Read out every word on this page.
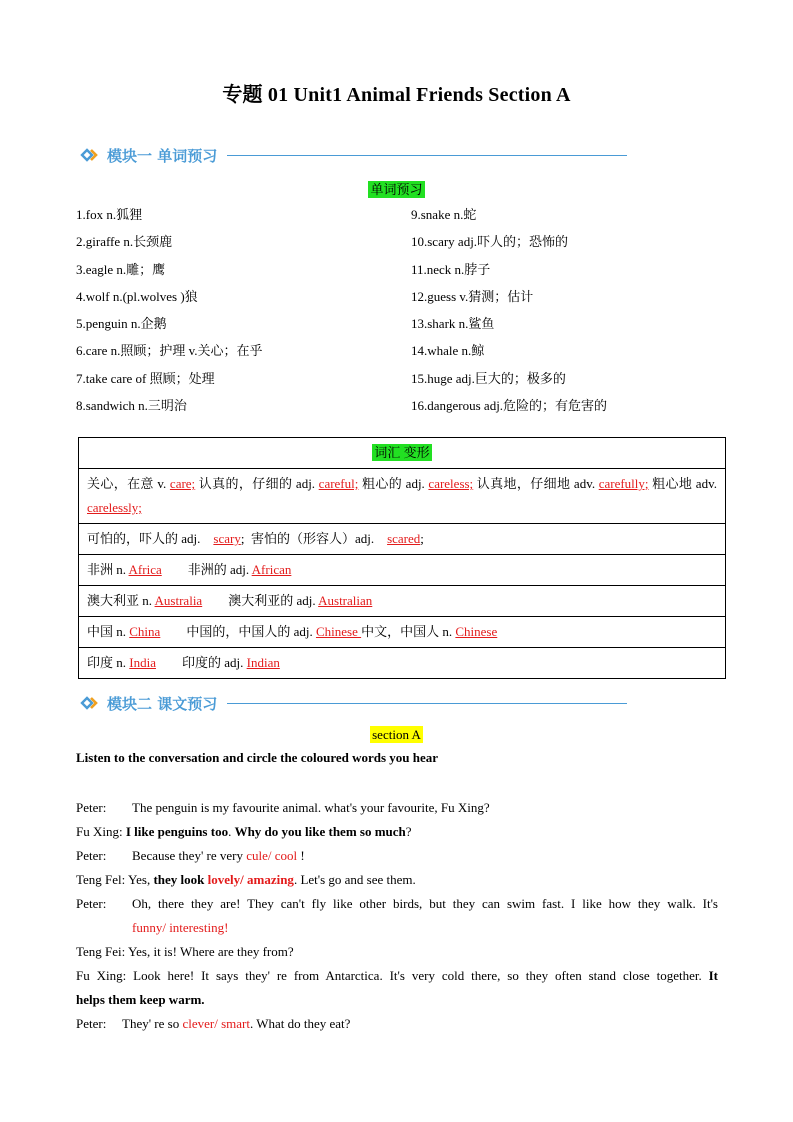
专题 01 Unit1 Animal Friends Section A
模块一 单词预习
单词预习
1.fox n.狐狸	9.snake n.蛇
2.giraffe n.长颈鹿	10.scary adj.吓人的；恐怖的
3.eagle n.雕；鹰	11.neck n.脖子
4.wolf n.(pl.wolves )狼	12.guess v.猜测；估计
5.penguin n.企鹅	13.shark n.鲨鱼
6.care n.照顾；护理 v.关心；在乎	14.whale n.鲸
7.take care of 照顾；处理	15.huge adj.巨大的；极多的
8.sandwich n.三明治	16.dangerous adj.危险的；有危害的
词汇 变形
关心，在意 v. care; 认真的，仔细的 adj. careful; 粗心的 adj. careless; 认真地，仔细地 adv. carefully; 粗心地 adv. carelessly;
可怕的，吓人的 adj.    scary;  害怕的（形容人）adj.    scared;
非洲 n. Africa        非洲的 adj. African
澳大利亚 n. Australia        澳大利亚的 adj. Australian
中国 n. China        中国的，中国人的 adj. Chinese 中文，中国人 n. Chinese
印度 n. India        印度的 adj. Indian
模块二 课文预习
section A
Listen to the conversation and circle the coloured words you hear
Peter: The penguin is my favourite animal. what's your favourite, Fu Xing?
Fu Xing: I like penguins too. Why do you like them so much?
Peter: Because they' re very cule/ cool !
Teng Fel: Yes, they look lovely/ amazing. Let's go and see them.
Peter:	Oh, there they are! They can't fly like other birds, but they can swim fast. I like how they walk. It's
funny/ interesting!
Teng Fei: Yes, it is! Where are they from?
Fu Xing: Look here! It says they' re from Antarctica. It's very cold there, so they often stand close together. It
helps them keep warm.
Peter: They' re so clever/ smart. What do they eat?
